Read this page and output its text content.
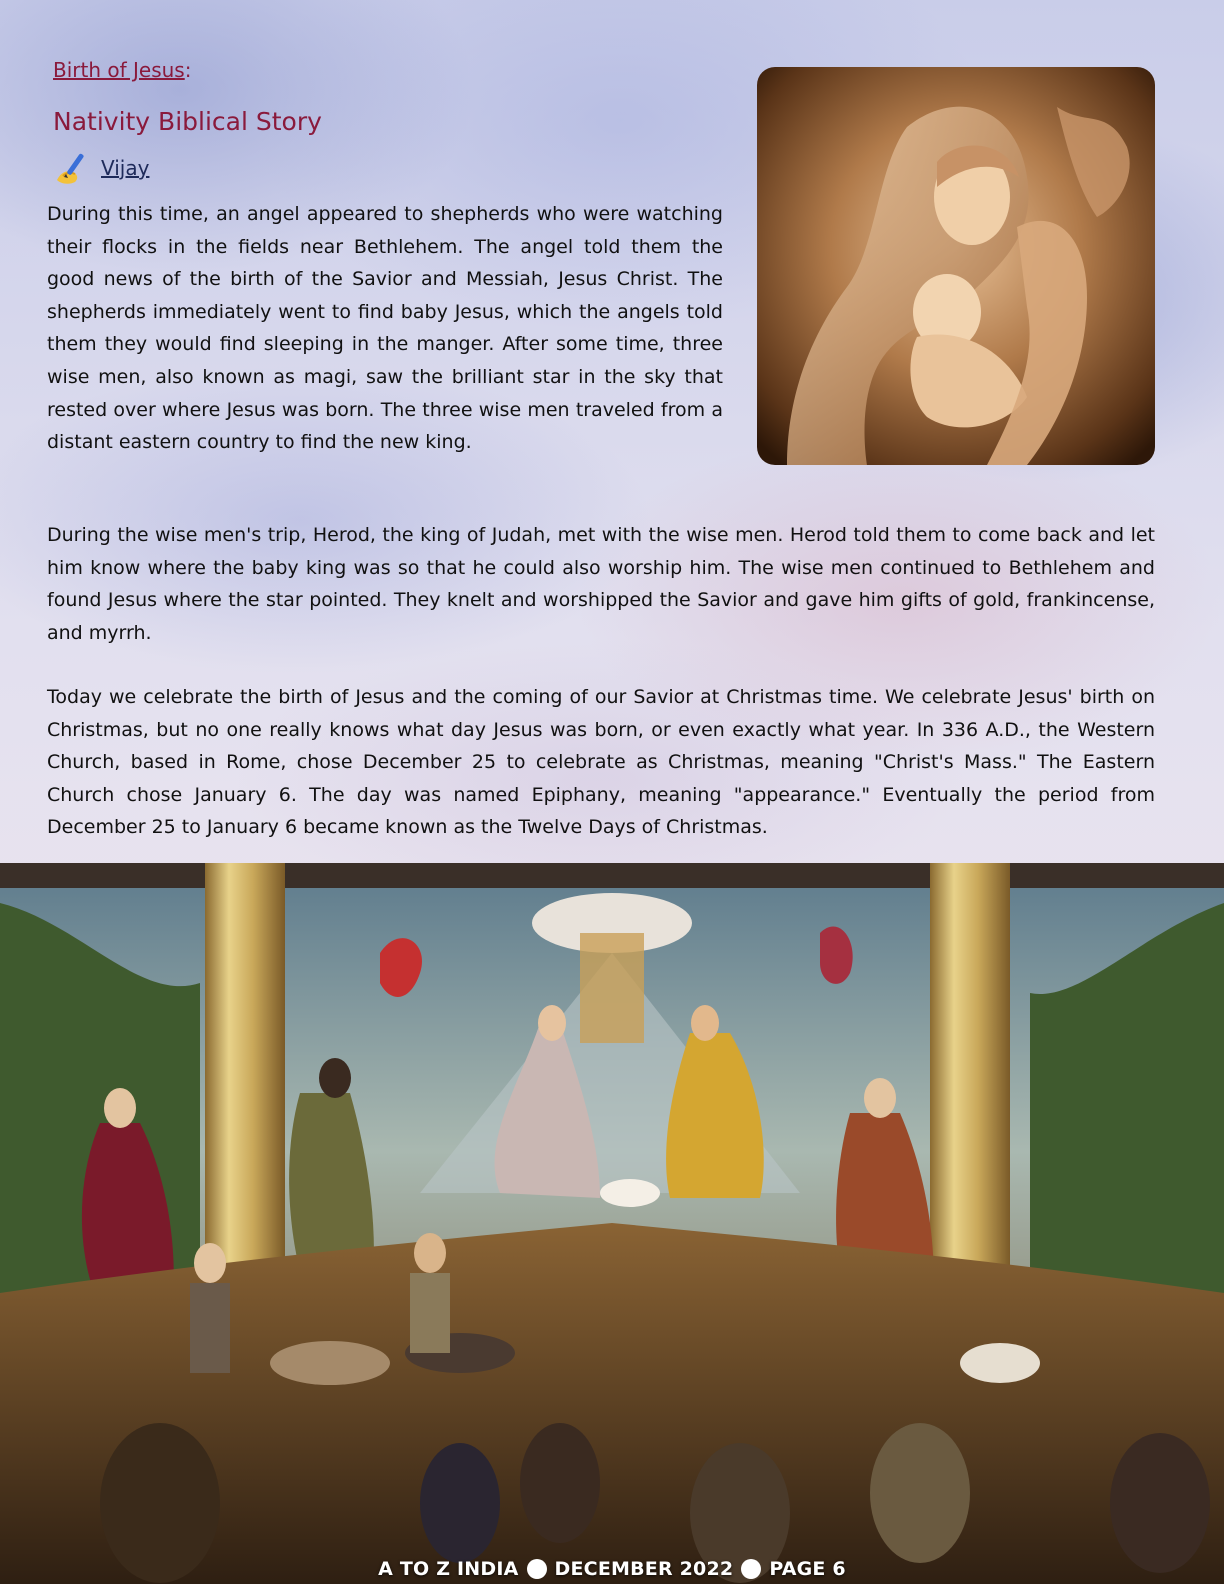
Birth of Jesus:
Nativity Biblical Story
Vijay

During this time, an angel appeared to shepherds who were watching their flocks in the fields near Bethlehem. The angel told them the good news of the birth of the Savior and Messiah, Jesus Christ. The shepherds immediately went to find baby Jesus, which the angels told them they would find sleeping in the manger. After some time, three wise men, also known as magi, saw the brilliant star in the sky that rested over where Jesus was born. The three wise men traveled from a distant eastern country to find the new king.

During the wise men's trip, Herod, the king of Judah, met with the wise men. Herod told them to come back and let him know where the baby king was so that he could also worship him. The wise men continued to Bethlehem and found Jesus where the star pointed. They knelt and worshipped the Savior and gave him gifts of gold, frankincense, and myrrh.

Today we celebrate the birth of Jesus and the coming of our Savior at Christmas time. We celebrate Jesus' birth on Christmas, but no one really knows what day Jesus was born, or even exactly what year. In 336 A.D., the Western Church, based in Rome, chose December 25 to celebrate as Christmas, meaning "Christ's Mass." The Eastern Church chose January 6. The day was named Epiphany, meaning "appearance." Eventually the period from December 25 to January 6 became known as the Twelve Days of Christmas.

A TO Z INDIA DECEMBER 2022 PAGE 6
